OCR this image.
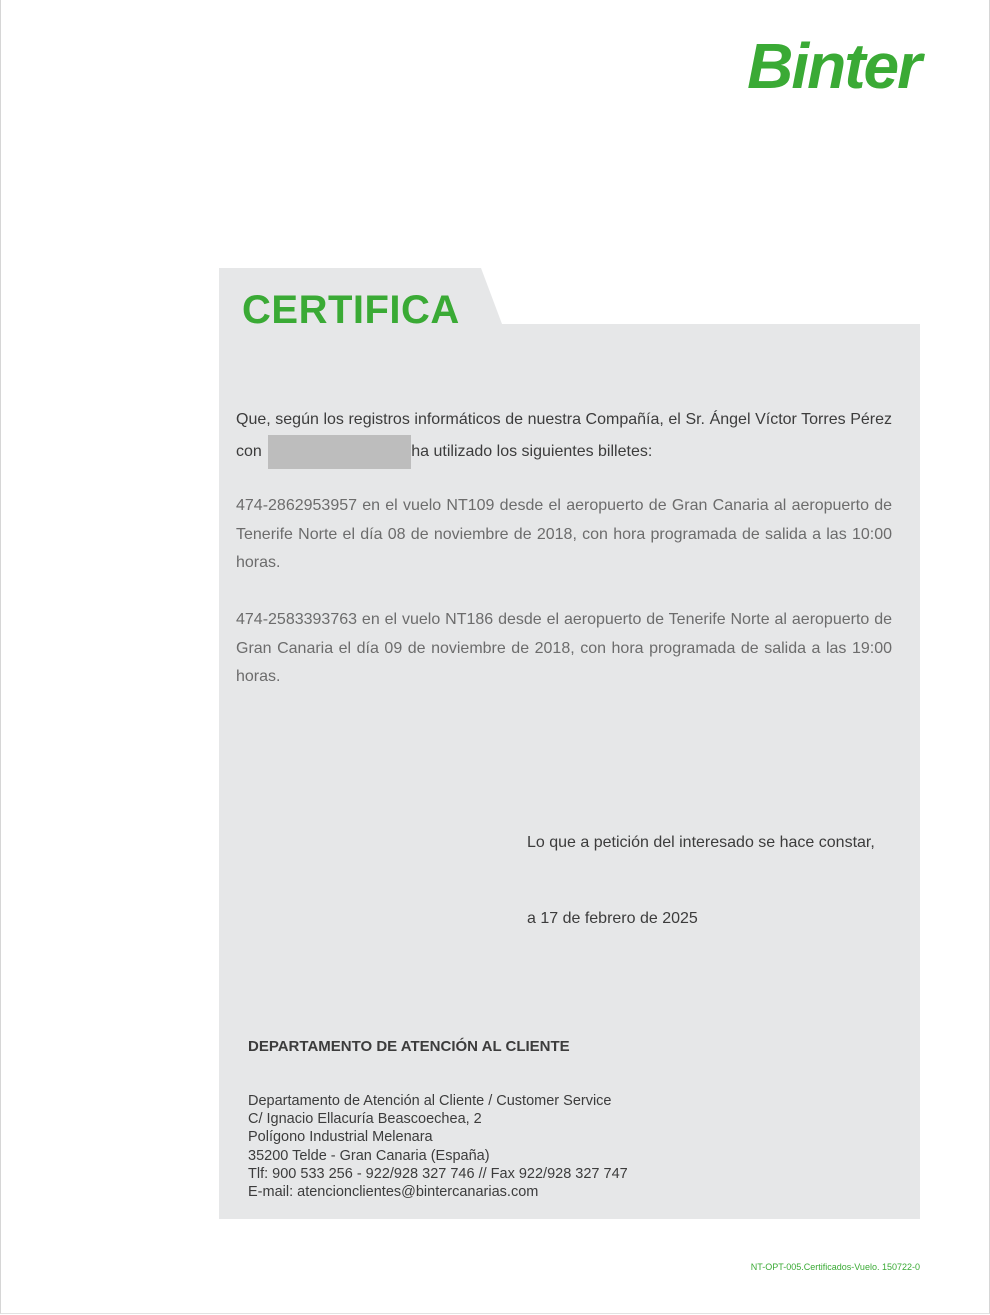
Binter
CERTIFICA
Que, según los registros informáticos de nuestra Compañía, el Sr. Ángel Víctor Torres Pérez con	ha utilizado los siguientes billetes:
474-2862953957 en el vuelo NT109 desde el aeropuerto de Gran Canaria al aeropuerto de Tenerife Norte el día 08 de noviembre de 2018, con hora programada de salida a las 10:00 horas.
474-2583393763 en el vuelo NT186 desde el aeropuerto de Tenerife Norte al aeropuerto de Gran Canaria el día 09 de noviembre de 2018, con hora programada de salida a las 19:00 horas.
Lo que a petición del interesado se hace constar,
a 17 de febrero de 2025
DEPARTAMENTO DE ATENCIÓN AL CLIENTE
Departamento de Atención al Cliente / Customer Service
C/ Ignacio Ellacuría Beascoechea, 2
Polígono Industrial Melenara
35200 Telde - Gran Canaria (España)
Tlf: 900 533 256 - 922/928 327 746 // Fax 922/928 327 747
E-mail: atencionclientes@bintercanarias.com
NT-OPT-005.Certificados-Vuelo. 150722-0
